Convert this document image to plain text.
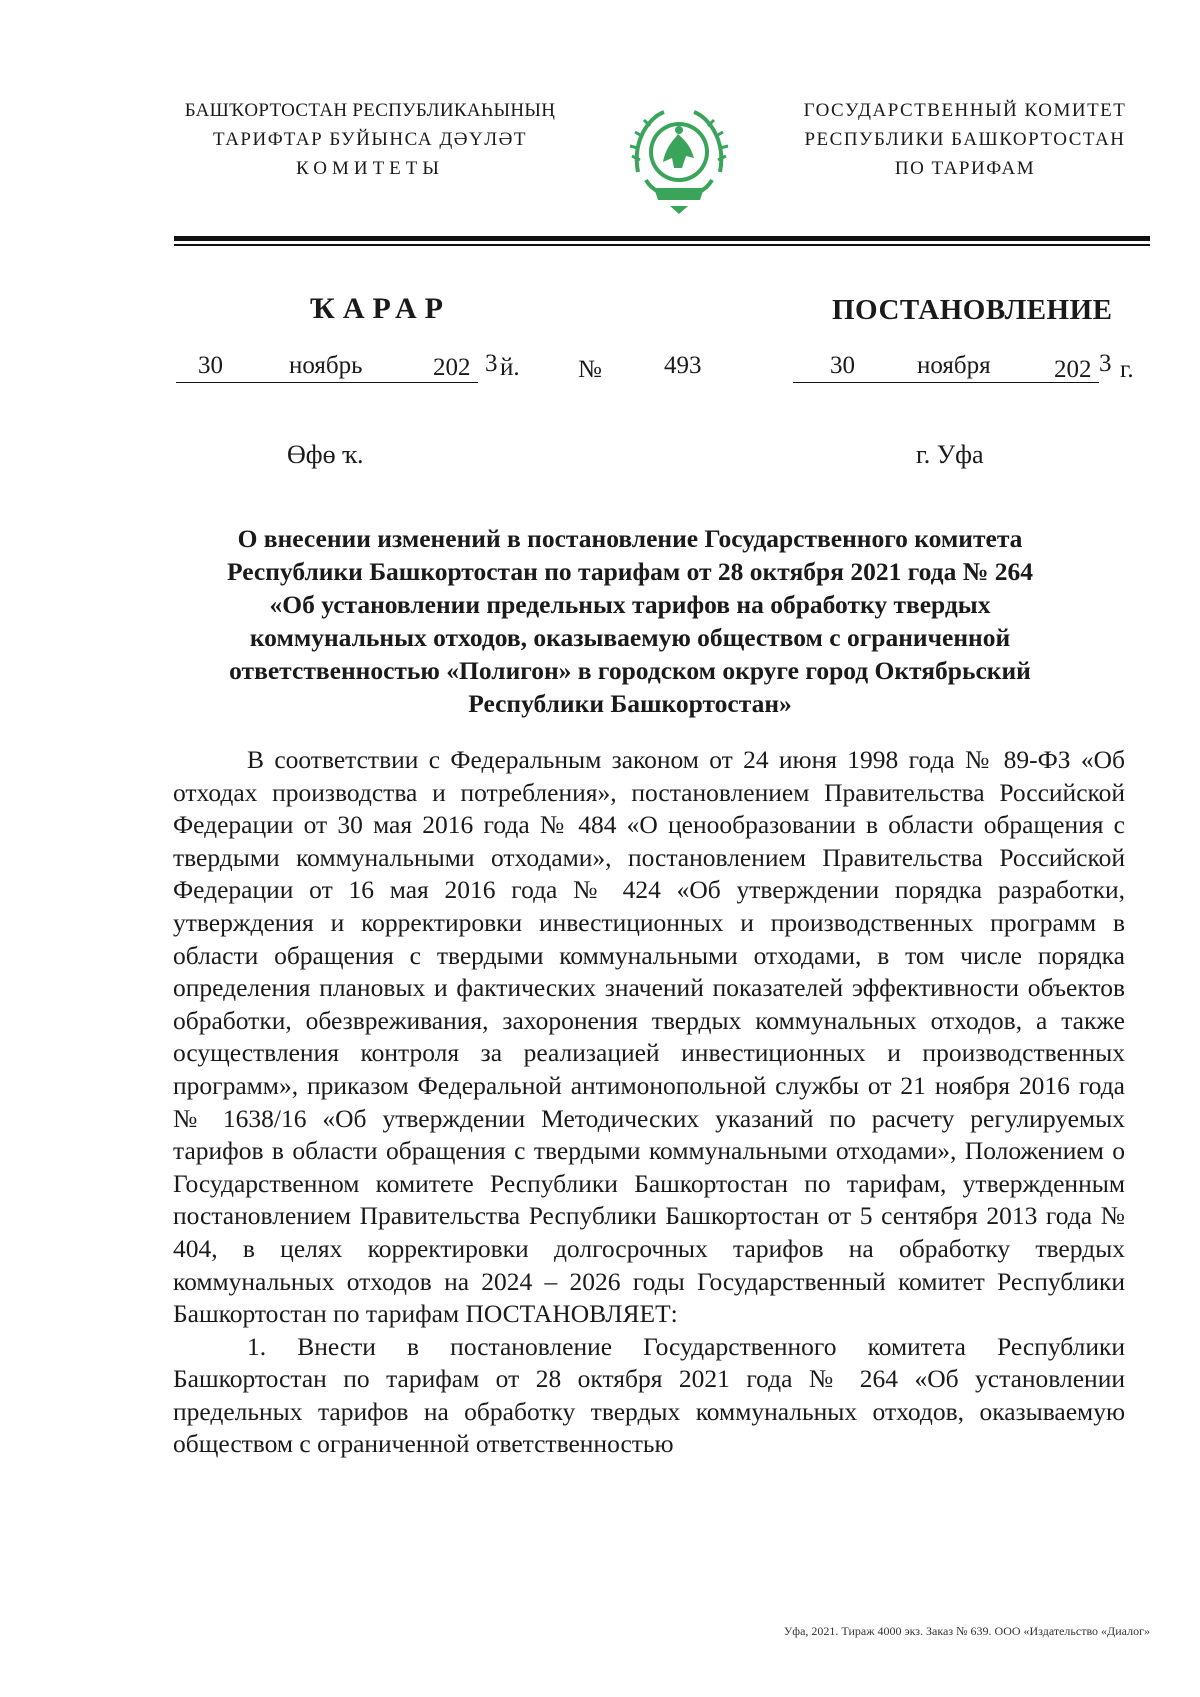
БАШҠОРТОСТАН РЕСПУБЛИКАҺЫНЫҢ
ТАРИФТАР БУЙЫНСА ДӘҮЛӘТ
КОМИТЕТЫ
ГОСУДАРСТВЕННЫЙ КОМИТЕТ
РЕСПУБЛИКИ БАШКОРТОСТАН
ПО ТАРИФАМ
ҠАРАР	ПОСТАНОВЛЕНИЕ
30	ноябрь	202 3 й. № 493	30 ноября	202 3 г.
Өфө ҡ.	г. Уфа
О внесении изменений в постановление Государственного комитета
Республики Башкортостан по тарифам от 28 октября 2021 года № 264
«Об установлении предельных тарифов на обработку твердых
коммунальных отходов, оказываемую обществом с ограниченной
ответственностью «Полигон» в городском округе город Октябрьский
Республики Башкортостан»

В соответствии с Федеральным законом от 24 июня 1998 года № 89-ФЗ «Об отходах производства и потребления», постановлением Правительства Российской Федерации от 30 мая 2016 года № 484 «О ценообразовании в области обращения с твердыми коммунальными отходами», постановлением Правительства Российской Федерации от 16 мая 2016 года № 424 «Об утверждении порядка разработки, утверждения и корректировки инвестиционных и производственных программ в области обращения с твердыми коммунальными отходами, в том числе порядка определения плановых и фактических значений показателей эффективности объектов обработки, обезвреживания, захоронения твердых коммунальных отходов, а также осуществления контроля за реализацией инвестиционных и производственных программ», приказом Федеральной антимонопольной службы от 21 ноября 2016 года № 1638/16 «Об утверждении Методических указаний по расчету регулируемых тарифов в области обращения с твердыми коммунальными отходами», Положением о Государственном комитете Республики Башкортостан по тарифам, утвержденным постановлением Правительства Республики Башкортостан от 5 сентября 2013 года № 404, в целях корректировки долгосрочных тарифов на обработку твердых коммунальных отходов на 2024 – 2026 годы Государственный комитет Республики Башкортостан по тарифам ПОСТАНОВЛЯЕТ:

1. Внести в постановление Государственного комитета Республики Башкортостан по тарифам от 28 октября 2021 года № 264 «Об установлении предельных тарифов на обработку твердых коммунальных отходов, оказываемую обществом с ограниченной ответственностью

Уфа, 2021. Тираж 4000 экз. Заказ № 639. ООО «Издательство «Диалог»
